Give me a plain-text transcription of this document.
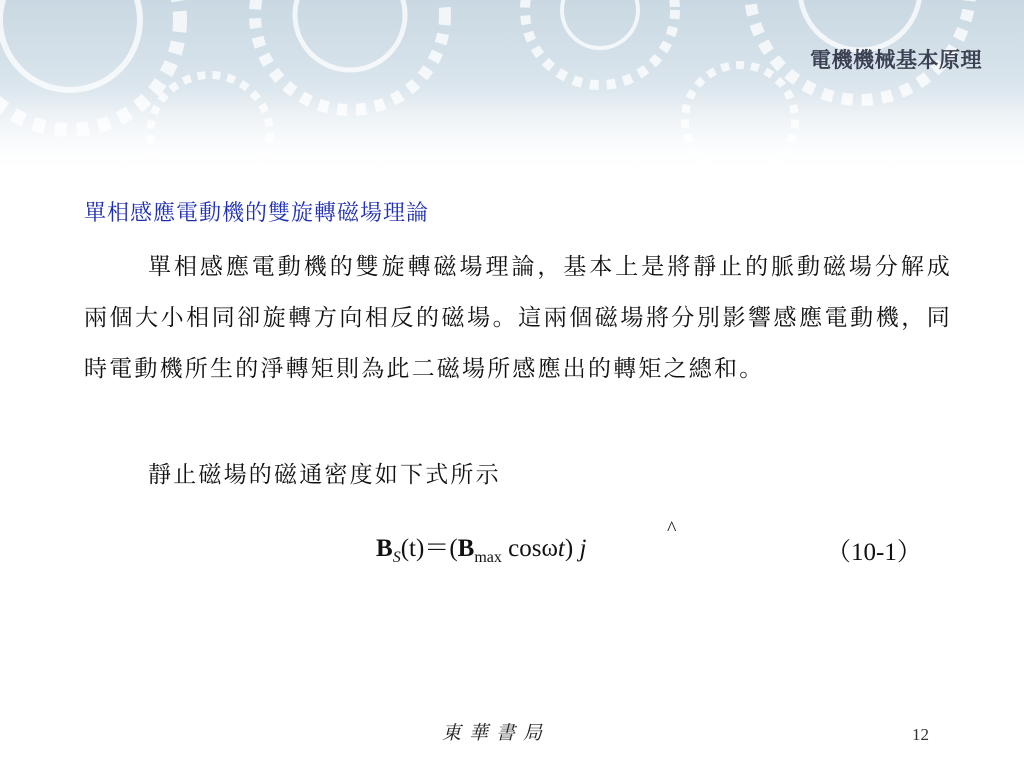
電機機械基本原理
單相感應電動機的雙旋轉磁場理論
單相感應電動機的雙旋轉磁場理論，基本上是將靜止的脈動磁場分解成兩個大小相同卻旋轉方向相反的磁場。這兩個磁場將分別影響感應電動機，同時電動機所生的淨轉矩則為此二磁場所感應出的轉矩之總和。
靜止磁場的磁通密度如下式所示
$B_S(t)=(B_{max}$ cosωt) j
^
（10-1）
東華書局	12
